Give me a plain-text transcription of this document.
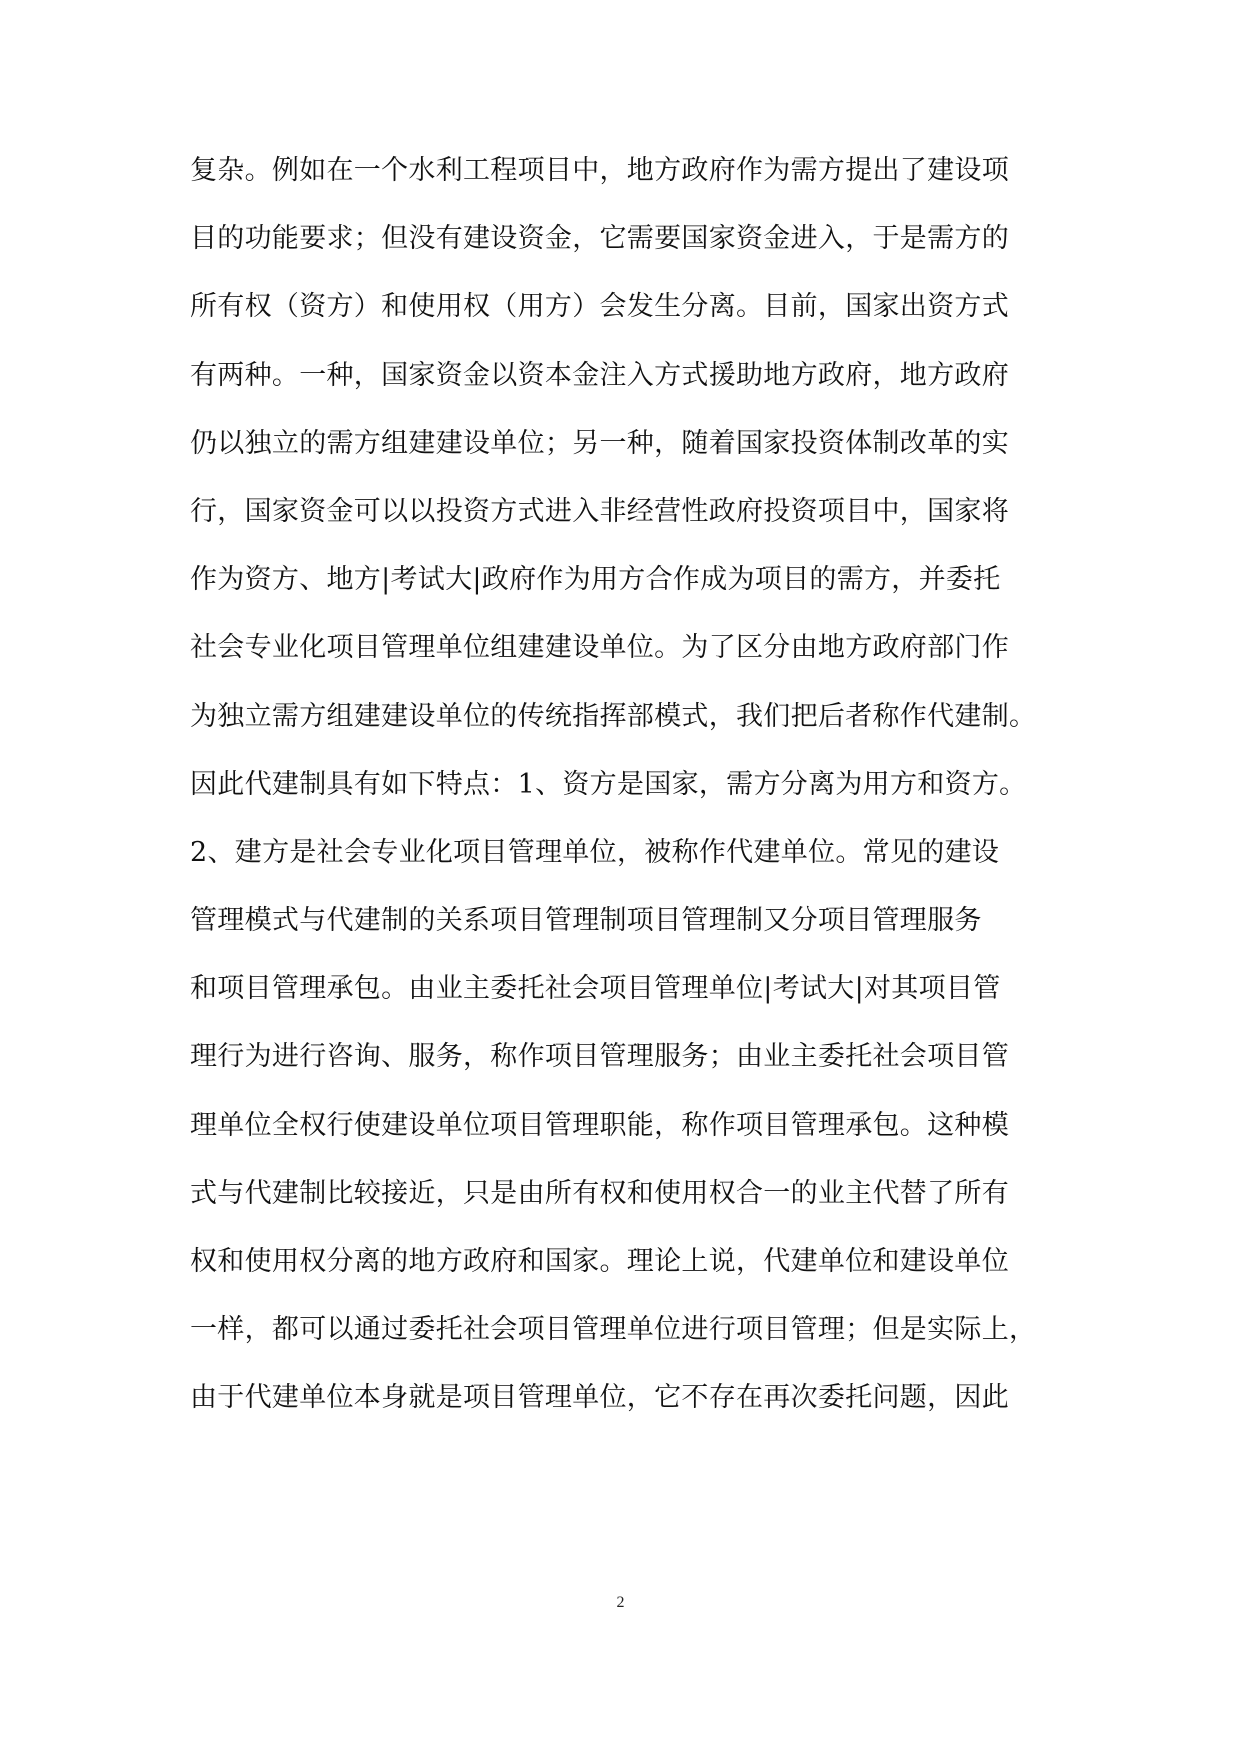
复杂。例如在一个水利工程项目中，地方政府作为需方提出了建设项
目的功能要求；但没有建设资金，它需要国家资金进入，于是需方的
所有权（资方）和使用权（用方）会发生分离。目前，国家出资方式
有两种。一种，国家资金以资本金注入方式援助地方政府，地方政府
仍以独立的需方组建建设单位；另一种，随着国家投资体制改革的实
行，国家资金可以以投资方式进入非经营性政府投资项目中，国家将
作为资方、地方|考试大|政府作为用方合作成为项目的需方，并委托
社会专业化项目管理单位组建建设单位。为了区分由地方政府部门作
为独立需方组建建设单位的传统指挥部模式，我们把后者称作代建制。
因此代建制具有如下特点：1、资方是国家，需方分离为用方和资方。
2、建方是社会专业化项目管理单位，被称作代建单位。常见的建设
管理模式与代建制的关系项目管理制项目管理制又分项目管理服务
和项目管理承包。由业主委托社会项目管理单位|考试大|对其项目管
理行为进行咨询、服务，称作项目管理服务；由业主委托社会项目管
理单位全权行使建设单位项目管理职能，称作项目管理承包。这种模
式与代建制比较接近，只是由所有权和使用权合一的业主代替了所有
权和使用权分离的地方政府和国家。理论上说，代建单位和建设单位
一样，都可以通过委托社会项目管理单位进行项目管理；但是实际上，
由于代建单位本身就是项目管理单位，它不存在再次委托问题，因此
2
